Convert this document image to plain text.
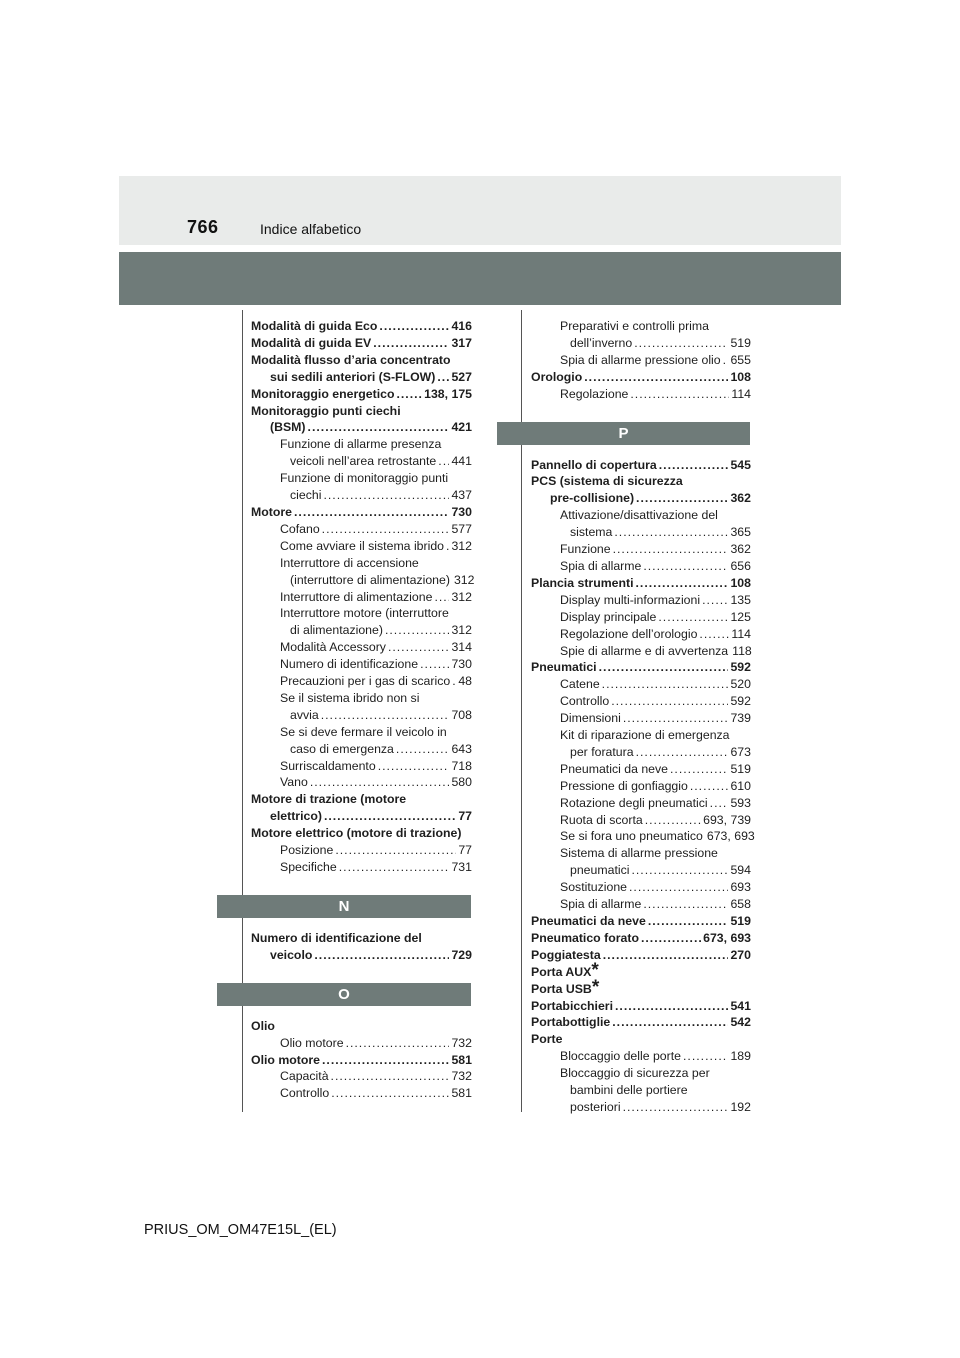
766	Indice alfabetico
Modalità di guida Eco .....	416
Modalità di guida EV .....	317
Modalità flusso d’aria concentrato
sui sedili anteriori (S-FLOW) ..... 527
Monitoraggio energetico ..... 138, 175
Monitoraggio punti ciechi
(BSM) .....	421
Funzione di allarme presenza
veicoli nell’area retrostante ..... 441
Funzione di monitoraggio punti
ciechi .....	437
Motore .....	730
Cofano .....	577
Come avviare il sistema ibrido ..... 312
Interruttore di accensione
(interruttore di alimentazione) 312
Interruttore di alimentazione ..... 312
Interruttore motore (interruttore
di alimentazione) .....	312
Modalità Accessory .....	314
Numero di identificazione .....	730
Precauzioni per i gas di scarico ..... 48
Se il sistema ibrido non si
avvia .....	708
Se si deve fermare il veicolo in
caso di emergenza .....	643
Surriscaldamento .....	718
Vano .....	580
Motore di trazione (motore
elettrico) .....	77
Motore elettrico (motore di trazione)
Posizione .....	77
Specifiche .....	731
N
Numero di identificazione del
veicolo .....	729
O
Olio
Olio motore .....	732
Olio motore .....	581
Capacità .....	732
Controllo .....	581
Preparativi e controlli prima
dell’inverno .....	519
Spia di allarme pressione olio ..... 655
Orologio .....	108
Regolazione .....	114
P
Pannello di copertura .....	545
PCS (sistema di sicurezza
pre-collisione) .....	362
Attivazione/disattivazione del
sistema .....	365
Funzione .....	362
Spia di allarme .....	656
Plancia strumenti .....	108
Display multi-informazioni ..... 135
Display principale .....	125
Regolazione dell’orologio .....	114
Spie di allarme e di avvertenza 118
Pneumatici .....	592
Catene .....	520
Controllo .....	592
Dimensioni .....	739
Kit di riparazione di emergenza
per foratura .....	673
Pneumatici da neve .....	519
Pressione di gonfiaggio .....	610
Rotazione degli pneumatici ..... 593
Ruota di scorta .....	693, 739
Se si fora uno pneumatico 673, 693
Sistema di allarme pressione
pneumatici .....	594
Sostituzione .....	693
Spia di allarme .....	658
Pneumatici da neve .....	519
Pneumatico forato .....	673, 693
Poggiatesta .....	270
Porta AUX *
Porta USB *
Portabicchieri .....	541
Portabottiglie .....	542
Porte
Bloccaggio delle porte .....	189
Bloccaggio di sicurezza per
bambini delle portiere
posteriori .....	192
PRIUS_OM_OM47E15L_(EL)
